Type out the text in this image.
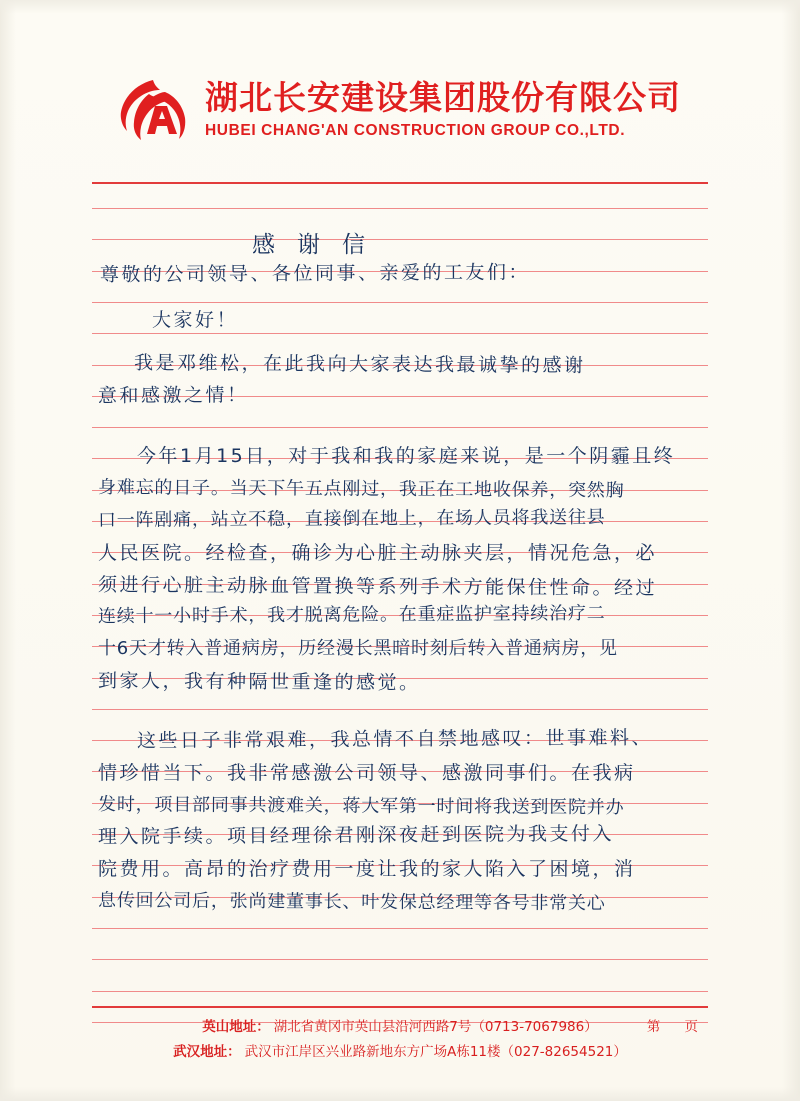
湖北长安建设集团股份有限公司
HUBEI CHANG'AN CONSTRUCTION GROUP CO.,LTD.
感谢信
尊敬的公司领导、各位同事、亲爱的工友们：
大家好！
我是邓维松，在此我向大家表达我最诚挚的感谢
意和感激之情！
今年1月15日，对于我和我的家庭来说，是一个阴霾且终
身难忘的日子。当天下午五点刚过，我正在工地收保养，突然胸
口一阵剧痛，站立不稳，直接倒在地上，在场人员将我送往县
人民医院。经检查，确诊为心脏主动脉夹层，情况危急，必
须进行心脏主动脉血管置换等系列手术方能保住性命。经过
连续十一小时手术，我才脱离危险。在重症监护室持续治疗二
十6天才转入普通病房，历经漫长黑暗时刻后转入普通病房，见
到家人，我有种隔世重逢的感觉。
这些日子非常艰难，我总情不自禁地感叹：世事难料、
情珍惜当下。我非常感激公司领导、感激同事们。在我病
发时，项目部同事共渡难关，蒋大军第一时间将我送到医院并办
理入院手续。项目经理徐君刚深夜赶到医院为我支付入
院费用。高昂的治疗费用一度让我的家人陷入了困境，消
息传回公司后，张尚建董事长、叶发保总经理等各号非常关心
英山地址： 湖北省黄冈市英山县沿河西路7号（0713-7067986）
武汉地址： 武汉市江岸区兴业路新地东方广场A栋11楼（027-82654521）
第 页
